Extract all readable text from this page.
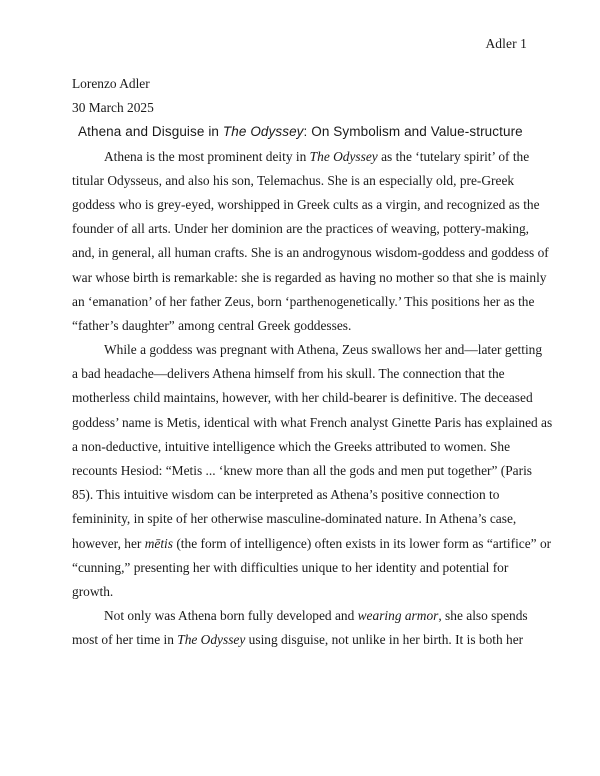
Adler 1
Lorenzo Adler
30 March 2025
Athena and Disguise in The Odyssey: On Symbolism and Value-structure
Athena is the most prominent deity in The Odyssey as the ‘tutelary spirit’ of the
titular Odysseus, and also his son, Telemachus. She is an especially old, pre-Greek
goddess who is grey-eyed, worshipped in Greek cults as a virgin, and recognized as the
founder of all arts. Under her dominion are the practices of weaving, pottery-making,
and, in general, all human crafts. She is an androgynous wisdom-goddess and goddess of
war whose birth is remarkable: she is regarded as having no mother so that she is mainly
an ‘emanation’ of her father Zeus, born ‘parthenogenetically.’ This positions her as the
“father’s daughter” among central Greek goddesses.
While a goddess was pregnant with Athena, Zeus swallows her and—later getting
a bad headache—delivers Athena himself from his skull. The connection that the
motherless child maintains, however, with her child-bearer is definitive. The deceased
goddess’ name is Metis, identical with what French analyst Ginette Paris has explained as
a non-deductive, intuitive intelligence which the Greeks attributed to women. She
recounts Hesiod: “Metis ... ‘knew more than all the gods and men put together” (Paris
85). This intuitive wisdom can be interpreted as Athena’s positive connection to
femininity, in spite of her otherwise masculine-dominated nature. In Athena’s case,
however, her mētis (the form of intelligence) often exists in its lower form as “artifice” or
“cunning,” presenting her with difficulties unique to her identity and potential for
growth.
Not only was Athena born fully developed and wearing armor, she also spends
most of her time in The Odyssey using disguise, not unlike in her birth. It is both her
